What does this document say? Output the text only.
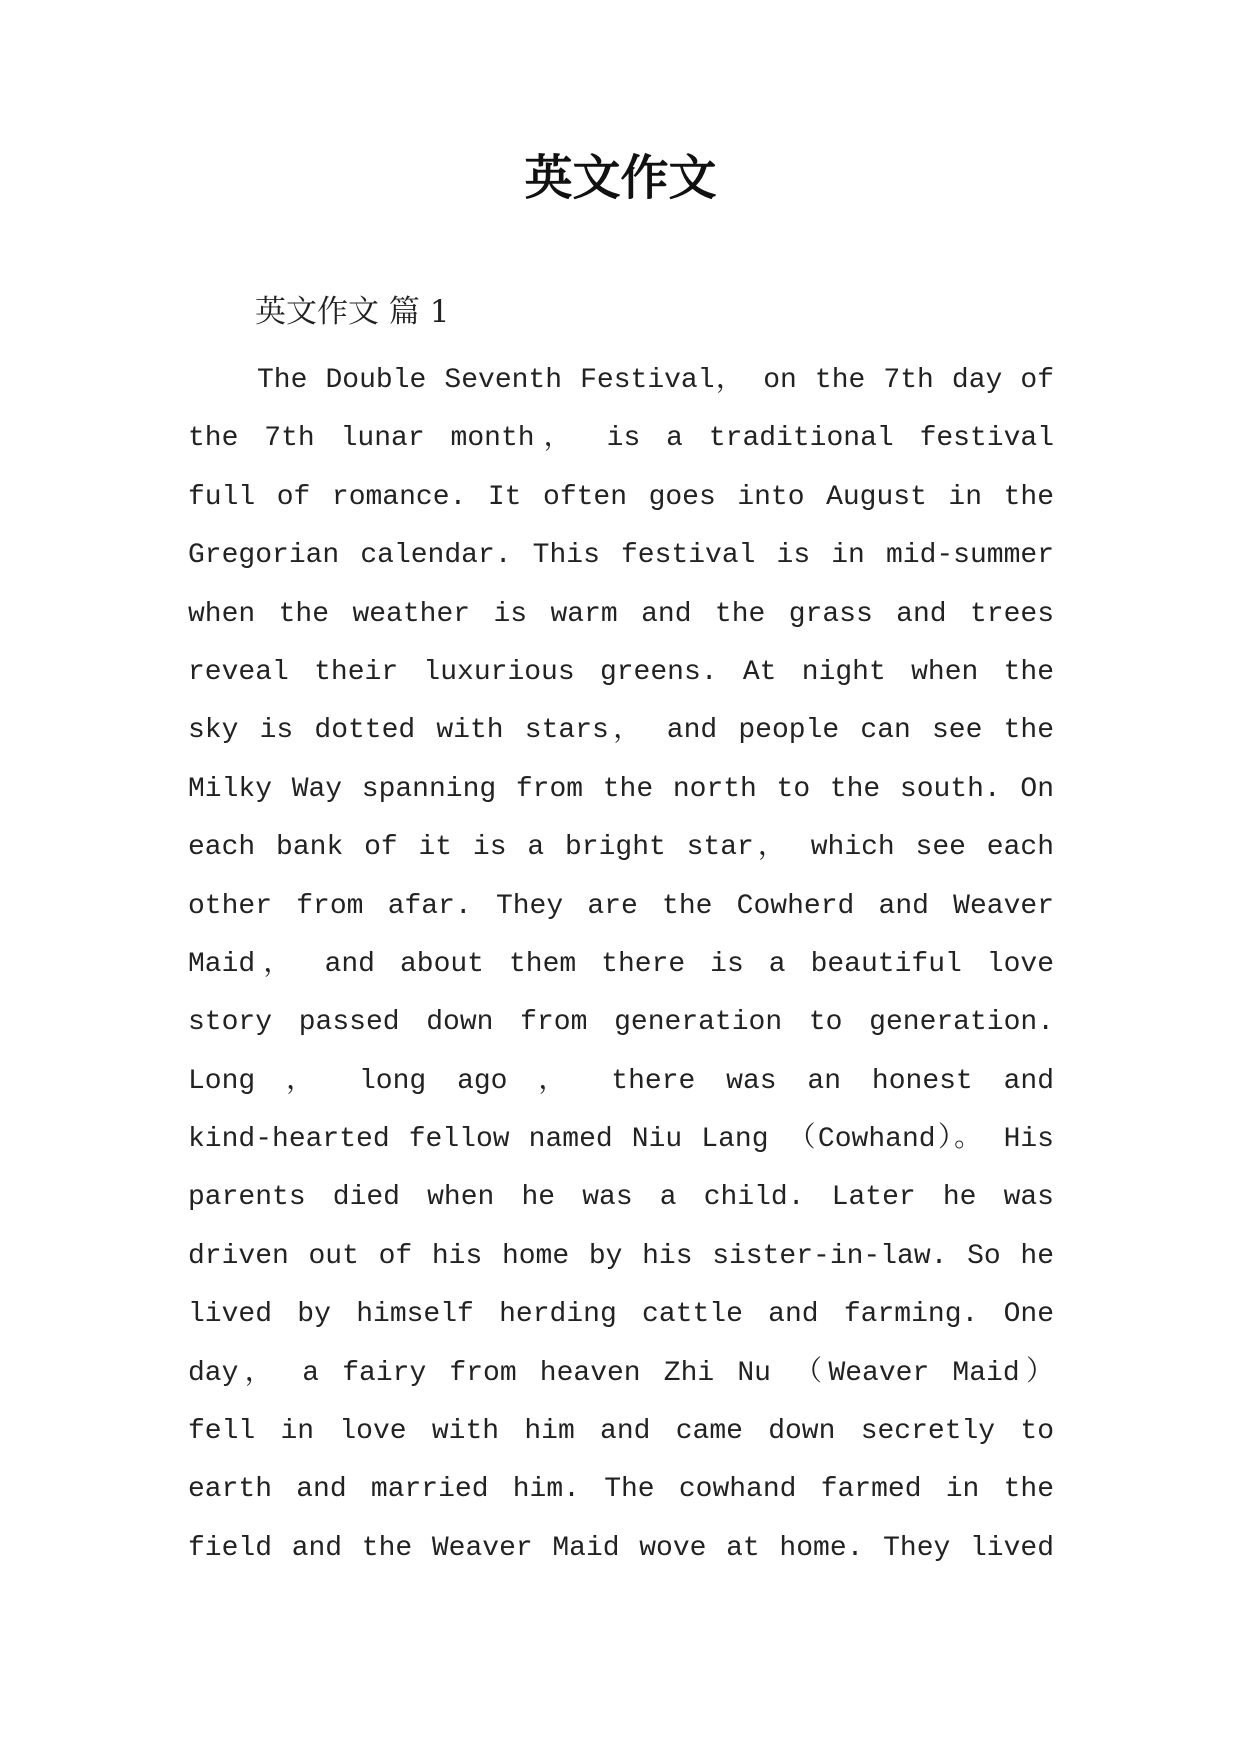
英文作文
英文作文 篇 1
The Double Seventh Festival， on the 7th day of
the 7th lunar month， is a traditional festival
full of romance. It often goes into August in the
Gregorian calendar. This festival is in mid-summer
when the weather is warm and the grass and trees
reveal their luxurious greens. At night when the
sky is dotted with stars， and people can see the
Milky Way spanning from the north to the south. On
each bank of it is a bright star， which see each
other from afar. They are the Cowherd and Weaver
Maid， and about them there is a beautiful love
story passed down from generation to generation.
Long ， long ago ， there was an honest and
kind-hearted fellow named Niu Lang （Cowhand）。 His
parents died when he was a child. Later he was
driven out of his home by his sister-in-law. So he
lived by himself herding cattle and farming. One
day， a fairy from heaven Zhi Nu （Weaver Maid）
fell in love with him and came down secretly to
earth and married him. The cowhand farmed in the
field and the Weaver Maid wove at home. They lived
